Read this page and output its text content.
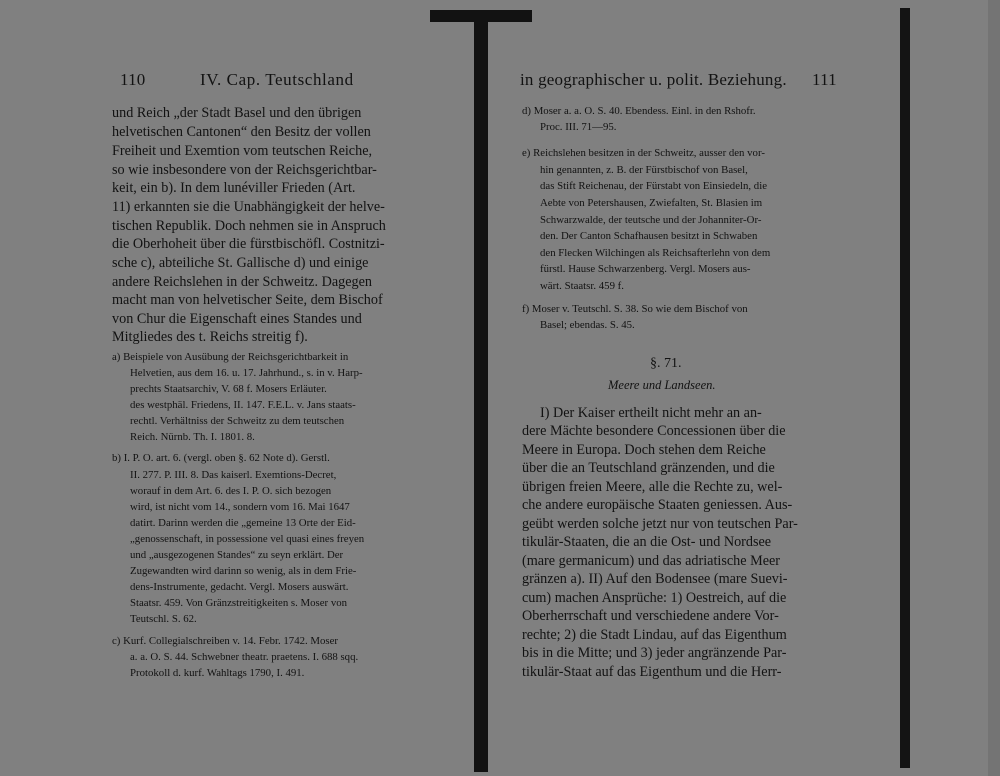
110	IV. Cap. Teutschland
und Reich „der Stadt Basel und den übrigen
helvetischen Cantonen“ den Besitz der vollen
Freiheit und Exemtion vom teutschen Reiche,
so wie insbesondere von der Reichsgerichtbar-
keit, ein b). In dem lunéviller Frieden (Art.
11) erkannten sie die Unabhängigkeit der helve-
tischen Republik. Doch nehmen sie in Anspruch
die Oberhoheit über die fürstbischöfl. Costnitzi-
sche c), abteiliche St. Gallische d) und einige
andere Reichslehen in der Schweitz. Dagegen
macht man von helvetischer Seite, dem Bischof
von Chur die Eigenschaft eines Standes und
Mitgliedes des t. Reichs streitig f).
a) Beispiele von Ausübung der Reichsgerichtbarkeit in
Helvetien, aus dem 16. u. 17. Jahrhund., s. in v. Harp-
prechts Staatsarchiv, V. 68 f. Mosers Erläuter.
des westphäl. Friedens, II. 147. F.E.L. v. Jans staats-
rechtl. Verhältniss der Schweitz zu dem teutschen
Reich. Nürnb. Th. I. 1801. 8.
b) I. P. O. art. 6. (vergl. oben §. 62 Note d). Gerstl.
II. 277. P. III. 8. Das kaiserl. Exemtions-Decret,
worauf in dem Art. 6. des I. P. O. sich bezogen
wird, ist nicht vom 14., sondern vom 16. Mai 1647
datirt. Darinn werden die „gemeine 13 Orte der Eid-
„genossenschaft, in possessione vel quasi eines freyen
und „ausgezogenen Standes“ zu seyn erklärt. Der
Zugewandten wird darinn so wenig, als in dem Frie-
dens-Instrumente, gedacht. Vergl. Mosers auswärt.
Staatsr. 459. Von Gränzstreitigkeiten s. Moser von
Teutschl. S. 62.
c) Kurf. Collegialschreiben v. 14. Febr. 1742. Moser
a. a. O. S. 44. Schwebner theatr. praetens. I. 688 sqq.
Protokoll d. kurf. Wahltags 1790, I. 491.
in geographischer u. polit. Beziehung. 111
d) Moser a. a. O. S. 40. Ebendess. Einl. in den Rshofr.
Proc. III. 71—95.
e) Reichslehen besitzen in der Schweitz, ausser den vor-
hin genannten, z. B. der Fürstbischof von Basel,
das Stift Reichenau, der Fürstabt von Einsiedeln, die
Aebte von Petershausen, Zwiefalten, St. Blasien im
Schwarzwalde, der teutsche und der Johanniter-Or-
den. Der Canton Schafhausen besitzt in Schwaben
den Flecken Wilchingen als Reichsafterlehn von dem
fürstl. Hause Schwarzenberg. Vergl. Mosers aus-
wärt. Staatsr. 459 f.
f) Moser v. Teutschl. S. 38. So wie dem Bischof von
Basel; ebendas. S. 45.
§. 71.
Meere und Landseen.
I) Der Kaiser ertheilt nicht mehr an an-
dere Mächte besondere Concessionen über die
Meere in Europa. Doch stehen dem Reiche
über die an Teutschland gränzenden, und die
übrigen freien Meere, alle die Rechte zu, wel-
che andere europäische Staaten geniessen. Aus-
geübt werden solche jetzt nur von teutschen Par-
tikulär-Staaten, die an die Ost- und Nordsee
(mare germanicum) und das adriatische Meer
gränzen a). II) Auf den Bodensee (mare Suevi-
cum) machen Ansprüche: 1) Oestreich, auf die
Oberherrschaft und verschiedene andere Vor-
rechte; 2) die Stadt Lindau, auf das Eigenthum
bis in die Mitte; und 3) jeder angränzende Par-
tikulär-Staat auf das Eigenthum und die Herr-
